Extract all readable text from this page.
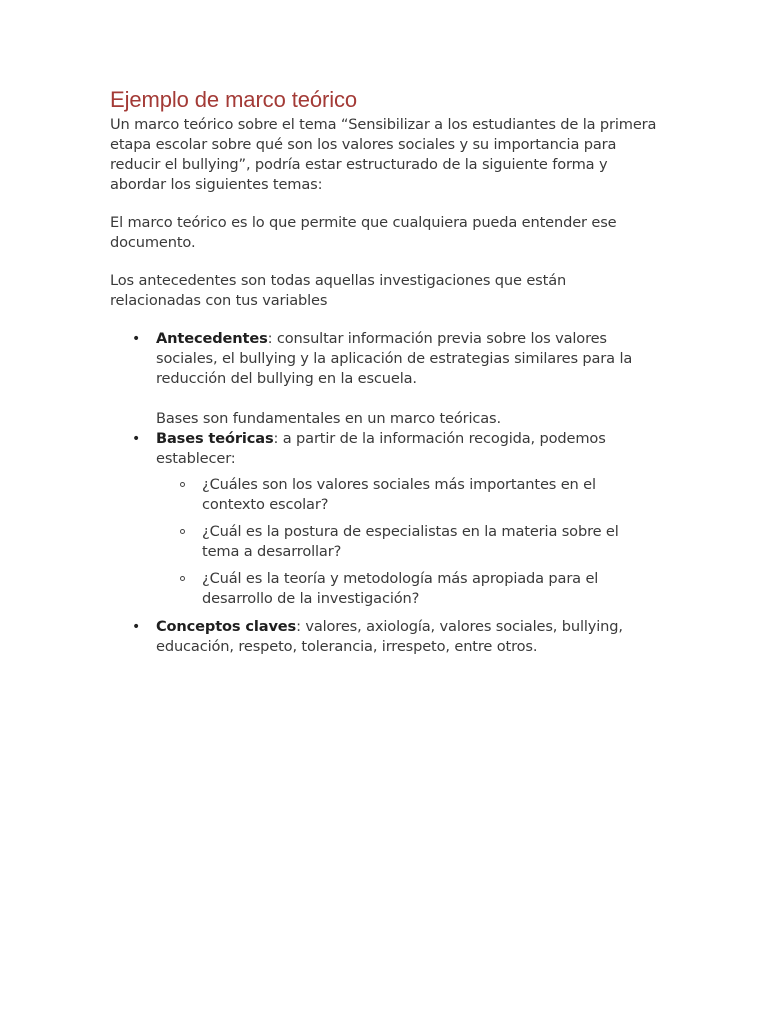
Ejemplo de marco teórico

Un marco teórico sobre el tema “Sensibilizar a los estudiantes de la primera etapa escolar sobre qué son los valores sociales y su importancia para reducir el bullying”, podría estar estructurado de la siguiente forma y abordar los siguientes temas:

El marco teórico es lo que permite que cualquiera pueda entender ese documento.

Los antecedentes son todas aquellas investigaciones que están relacionadas con tus variables

• Antecedentes: consultar información previa sobre los valores sociales, el bullying y la aplicación de estrategias similares para la reducción del bullying en la escuela.
Bases son fundamentales en un marco teóricas.
• Bases teóricas: a partir de la información recogida, podemos establecer:
¿Cuáles son los valores sociales más importantes en el contexto escolar?
¿Cuál es la postura de especialistas en la materia sobre el tema a desarrollar?
¿Cuál es la teoría y metodología más apropiada para el desarrollo de la investigación?
• Conceptos claves: valores, axiología, valores sociales, bullying, educación, respeto, tolerancia, irrespeto, entre otros.
